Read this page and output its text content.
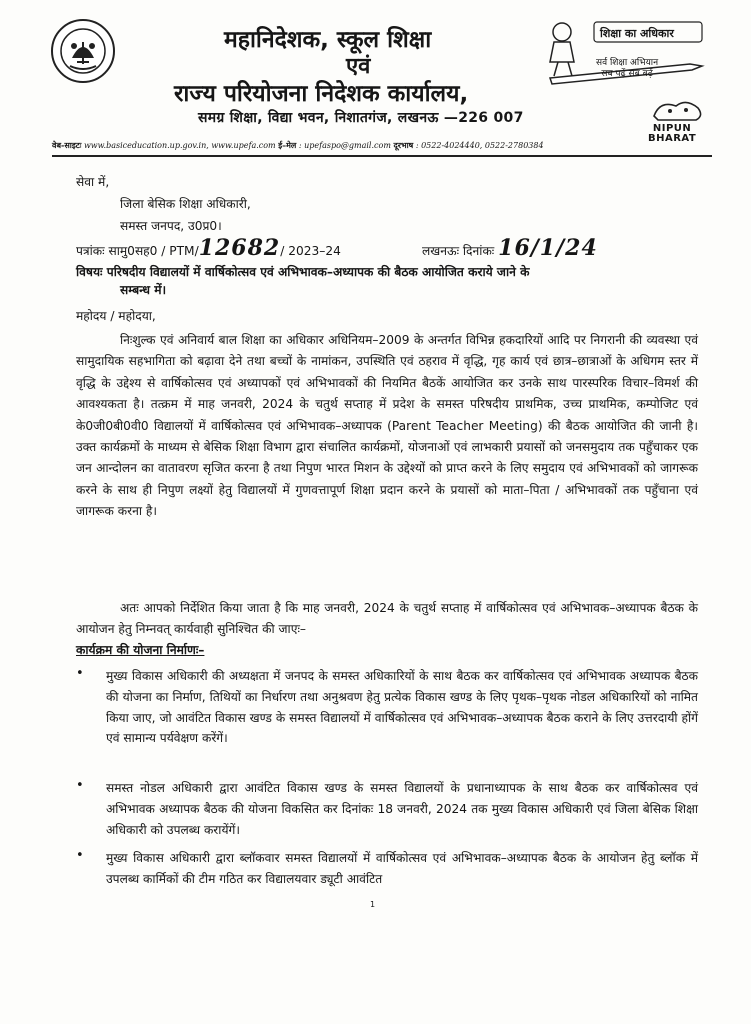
शिक्षा का अधिकार
सर्व शिक्षा अभियान
सब पढ़ें सब बढ़ें
NIPUN
BHARAT
महानिदेशक, स्कूल शिक्षा
एवं
राज्य परियोजना निदेशक कार्यालय,
समग्र शिक्षा, विद्या भवन, निशातगंज, लखनऊ —226 007
वेब-साइटः www.basiceducation.up.gov.in, www.upefa.com ई–मेल : upefaspo@gmail.com दूरभाष : 0522-4024440, 0522-2780384
सेवा में,
जिला बेसिक शिक्षा अधिकारी,
समस्त जनपद, उ0प्र0।
पत्रांकः सामु0सह0 / PTM/12682/ 2023–24	लखनऊः दिनांकः 16/1/24
विषयः परिषदीय विद्यालयों में वार्षिकोत्सव एवं अभिभावक–अध्यापक की बैठक आयोजित कराये जाने के
सम्बन्ध में।
महोदय / महोदया,
निःशुल्क एवं अनिवार्य बाल शिक्षा का अधिकार अधिनियम–2009 के अन्तर्गत विभिन्न हकदारियों आदि पर निगरानी की व्यवस्था एवं सामुदायिक सहभागिता को बढ़ावा देने तथा बच्चों के नामांकन, उपस्थिति एवं ठहराव में वृद्धि, गृह कार्य एवं छात्र–छात्राओं के अधिगम स्तर में वृद्धि के उद्देश्य से वार्षिकोत्सव एवं अध्यापकों एवं अभिभावकों की नियमित बैठकें आयोजित कर उनके साथ पारस्परिक विचार–विमर्श की आवश्यकता है। तत्क्रम में माह जनवरी, 2024 के चतुर्थ सप्ताह में प्रदेश के समस्त परिषदीय प्राथमिक, उच्च प्राथमिक, कम्पोजिट एवं के0जी0बी0वी0 विद्यालयों में वार्षिकोत्सव एवं अभिभावक–अध्यापक (Parent Teacher Meeting) की बैठक आयोजित की जानी है। उक्त कार्यक्रमों के माध्यम से बेसिक शिक्षा विभाग द्वारा संचालित कार्यक्रमों, योजनाओं एवं लाभकारी प्रयासों को जनसमुदाय तक पहुँचाकर एक जन आन्दोलन का वातावरण सृजित करना है तथा निपुण भारत मिशन के उद्देश्यों को प्राप्त करने के लिए समुदाय एवं अभिभावकों को जागरूक करने के साथ ही निपुण लक्ष्यों हेतु विद्यालयों में गुणवत्तापूर्ण शिक्षा प्रदान करने के प्रयासों को माता–पिता / अभिभावकों तक पहुँचाना एवं जागरूक करना है।
अतः आपको निर्देशित किया जाता है कि माह जनवरी, 2024 के चतुर्थ सप्ताह में वार्षिकोत्सव एवं अभिभावक–अध्यापक बैठक के आयोजन हेतु निम्नवत् कार्यवाही सुनिश्चित की जाएः–
कार्यक्रम की योजना निर्माणः–
• मुख्य विकास अधिकारी की अध्यक्षता में जनपद के समस्त अधिकारियों के साथ बैठक कर वार्षिकोत्सव एवं अभिभावक अध्यापक बैठक की योजना का निर्माण, तिथियों का निर्धारण तथा अनुश्रवण हेतु प्रत्येक विकास खण्ड के लिए पृथक–पृथक नोडल अधिकारियों को नामित किया जाए, जो आवंटित विकास खण्ड के समस्त विद्यालयों में वार्षिकोत्सव एवं अभिभावक–अध्यापक बैठक कराने के लिए उत्तरदायी होंगें एवं सामान्य पर्यवेक्षण करेंगें।
• समस्त नोडल अधिकारी द्वारा आवंटित विकास खण्ड के समस्त विद्यालयों के प्रधानाध्यापक के साथ बैठक कर वार्षिकोत्सव एवं अभिभावक अध्यापक बैठक की योजना विकसित कर दिनांकः 18 जनवरी, 2024 तक मुख्य विकास अधिकारी एवं जिला बेसिक शिक्षा अधिकारी को उपलब्ध करायेंगें।
• मुख्य विकास अधिकारी द्वारा ब्लॉकवार समस्त विद्यालयों में वार्षिकोत्सव एवं अभिभावक–अध्यापक बैठक के आयोजन हेतु ब्लॉक में उपलब्ध कार्मिकों की टीम गठित कर विद्यालयवार ड्यूटी आवंटित
1
